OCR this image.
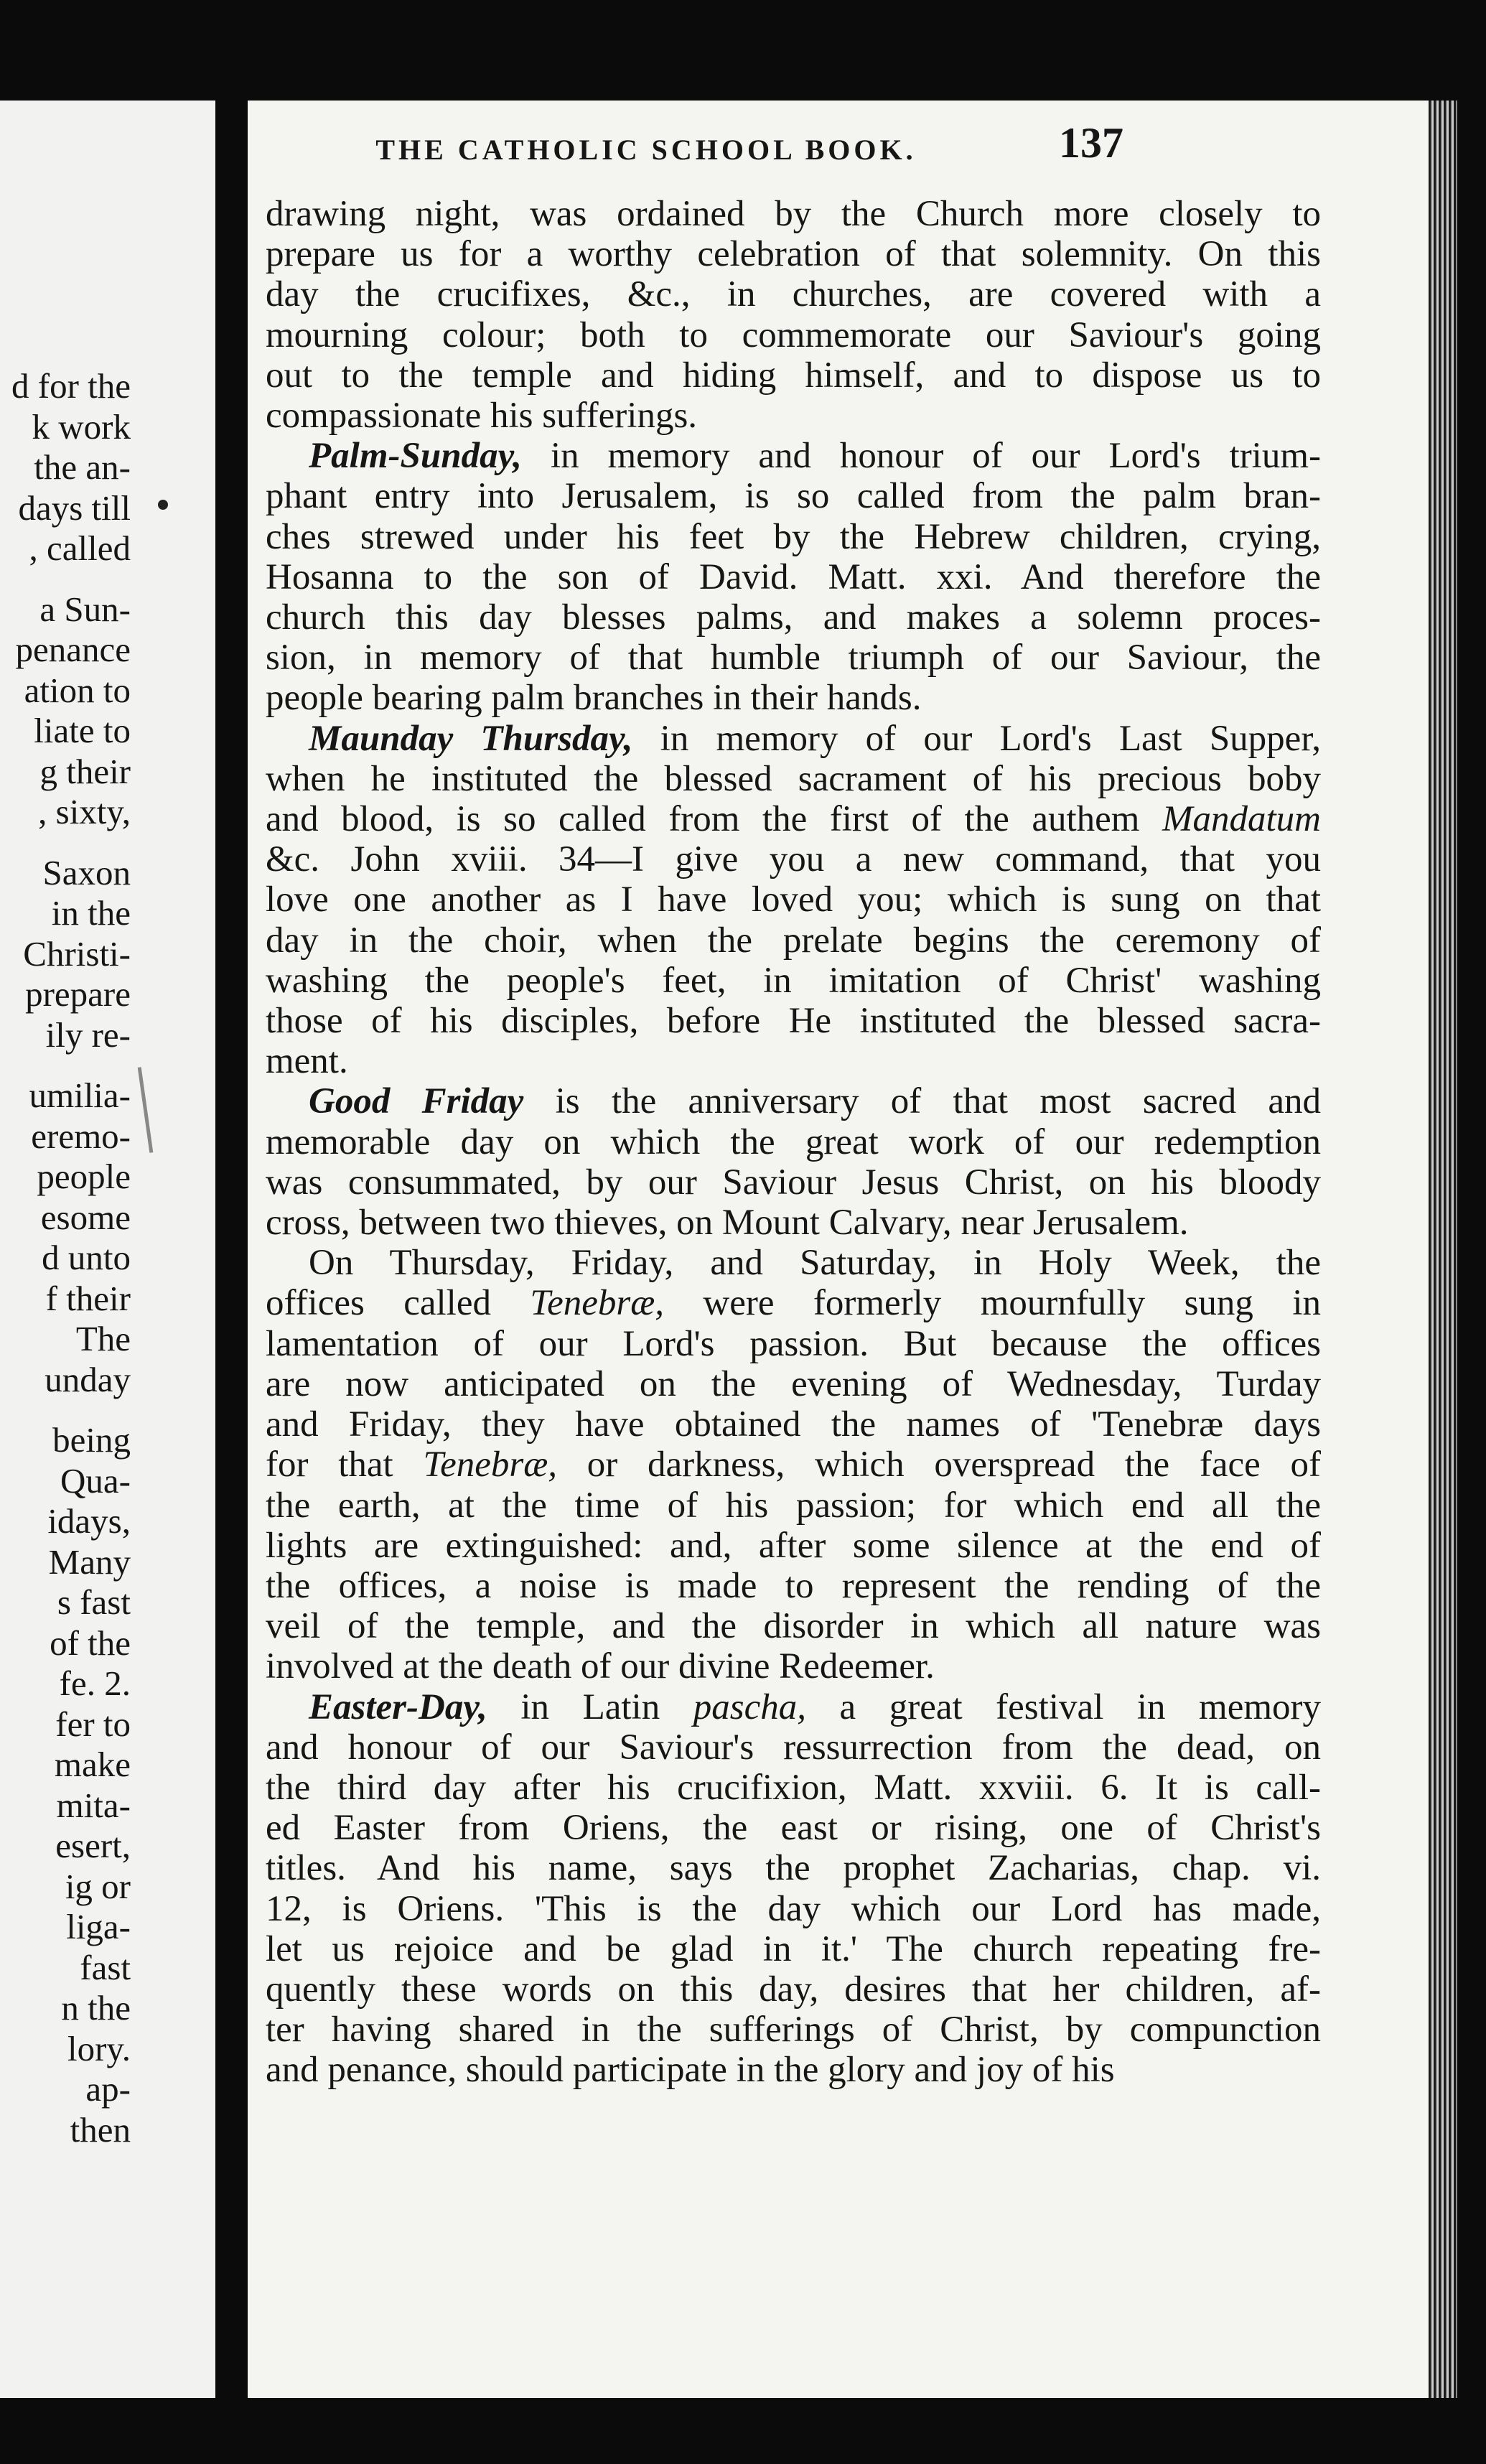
d for the
k work
the an-
days till
, called
a Sun-
penance
ation to
liate to
g their
, sixty,
Saxon
in the
Christi-
prepare
ily re-
umilia-
eremo-
people
esome
d unto
f their
The
unday
being
Qua-
idays,
Many
s fast
of the
fe. 2.
fer to
make
mita-
esert,
ig or
liga-
fast
n the
lory.
ap-
then
THE CATHOLIC SCHOOL BOOK.	137
drawing night, was ordained by the Church more closely to
prepare us for a worthy celebration of that solemnity. On this
day the crucifixes, &c., in churches, are covered with a
mourning colour; both to commemorate our Saviour's going
out to the temple and hiding himself, and to dispose us to
compassionate his sufferings.
Palm-Sunday, in memory and honour of our Lord's trium-
phant entry into Jerusalem, is so called from the palm bran-
ches strewed under his feet by the Hebrew children, crying,
Hosanna to the son of David. Matt. xxi. And therefore the
church this day blesses palms, and makes a solemn proces-
sion, in memory of that humble triumph of our Saviour, the
people bearing palm branches in their hands.
Maunday Thursday, in memory of our Lord's Last Supper,
when he instituted the blessed sacrament of his precious boby
and blood, is so called from the first of the authem Mandatum
&c. John xviii. 34—I give you a new command, that you
love one another as I have loved you; which is sung on that
day in the choir, when the prelate begins the ceremony of
washing the people's feet, in imitation of Christ' washing
those of his disciples, before He instituted the blessed sacra-
ment.
Good Friday is the anniversary of that most sacred and
memorable day on which the great work of our redemption
was consummated, by our Saviour Jesus Christ, on his bloody
cross, between two thieves, on Mount Calvary, near Jerusalem.
On Thursday, Friday, and Saturday, in Holy Week, the
offices called Tenebræ, were formerly mournfully sung in
lamentation of our Lord's passion. But because the offices
are now anticipated on the evening of Wednesday, Turday
and Friday, they have obtained the names of 'Tenebræ days
for that Tenebræ, or darkness, which overspread the face of
the earth, at the time of his passion; for which end all the
lights are extinguished: and, after some silence at the end of
the offices, a noise is made to represent the rending of the
veil of the temple, and the disorder in which all nature was
involved at the death of our divine Redeemer.
Easter-Day, in Latin pascha, a great festival in memory
and honour of our Saviour's ressurrection from the dead, on
the third day after his crucifixion, Matt. xxviii. 6. It is call-
ed Easter from Oriens, the east or rising, one of Christ's
titles. And his name, says the prophet Zacharias, chap. vi.
12, is Oriens. 'This is the day which our Lord has made,
let us rejoice and be glad in it.' The church repeating fre-
quently these words on this day, desires that her children, af-
ter having shared in the sufferings of Christ, by compunction
and penance, should participate in the glory and joy of his
